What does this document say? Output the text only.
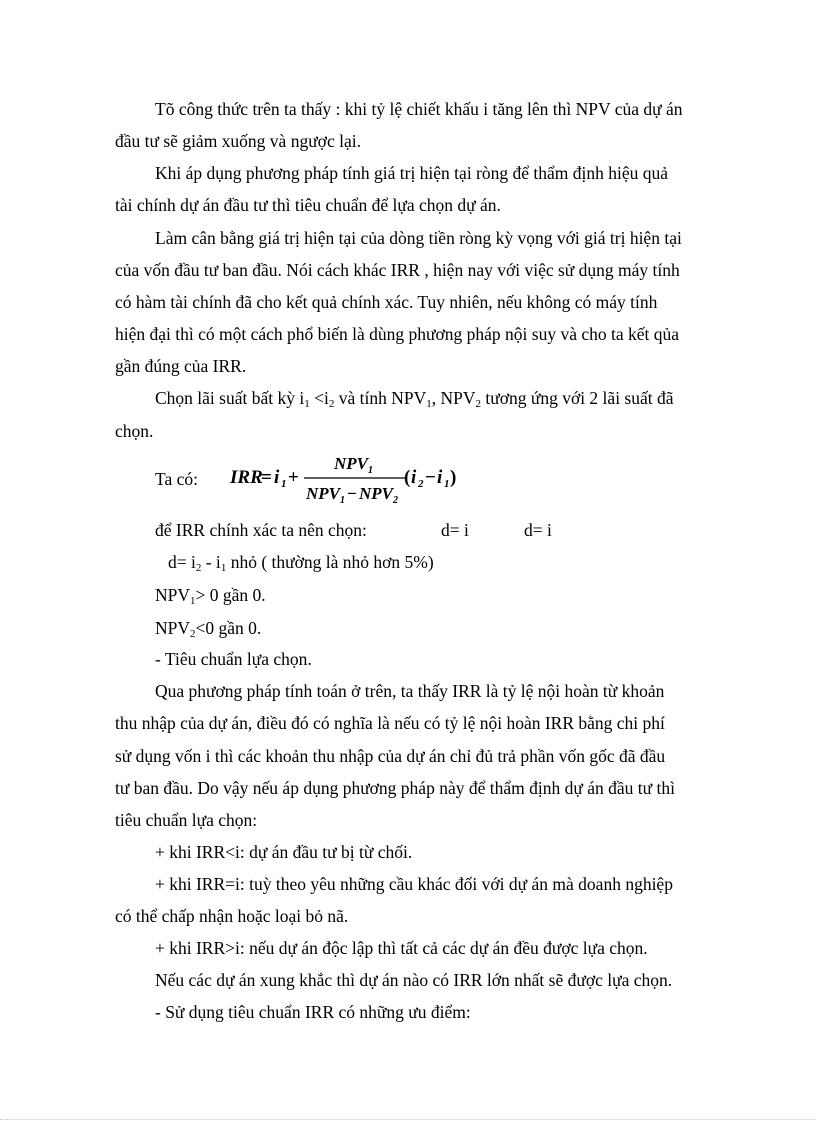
Tõ công thức trên ta thấy : khi tỷ lệ chiết khấu i tăng lên thì NPV của dự án
đầu tư sẽ giảm xuống và ngược lại.
Khi áp dụng phương pháp tính giá trị hiện tại ròng để thẩm định hiệu quả
tài chính dự án đầu tư thì tiêu chuẩn để lựa chọn dự án.
Làm cân bằng giá trị hiện tại của dòng tiền ròng kỳ vọng với giá trị hiện tại
của vốn đầu tư ban đầu. Nói cách khác IRR , hiện nay với việc sử dụng máy tính
có hàm tài chính đã cho kết quả chính xác. Tuy nhiên, nếu không có máy tính
hiện đại thì có một cách phổ biến là dùng phương pháp nội suy và cho ta kết qủa
gần đúng của IRR.
Chọn lãi suất bất kỳ $i_1 <i_2$ và tính $NPV_1$, $NPV_2$ tương ứng với 2 lãi suất đã
chọn.
Ta có: IRR
= i 1 +
NPV 1
NPV 1 − NPV 2
( i 2 − i 1 )
để IRR chính xác ta nên chọn:	d= i	d= i
$d= i_2 - i_1$ nhỏ ( thường là nhỏ hơn 5%)
$NPV_1> 0$ gần 0.
$NPV_2<0$ gần 0.
- Tiêu chuẩn lựa chọn.
Qua phương pháp tính toán ở trên, ta thấy IRR là tỷ lệ nội hoàn từ khoản
thu nhập của dự án, điều đó có nghĩa là nếu có tỷ lệ nội hoàn IRR bằng chi phí
sử dụng vốn i thì các khoản thu nhập của dự án chỉ đủ trả phần vốn gốc đã đầu
tư ban đầu. Do vậy nếu áp dụng phương pháp này để thẩm định dự án đầu tư thì
tiêu chuẩn lựa chọn:
+ khi IRR<i: dự án đầu tư bị từ chối.
+ khi IRR=i: tuỳ theo yêu những cầu khác đối với dự án mà doanh nghiệp
có thể chấp nhận hoặc loại bỏ nã.
+ khi IRR>i: nếu dự án độc lập thì tất cả các dự án đều được lựa chọn.
Nếu các dự án xung khắc thì dự án nào có IRR lớn nhất sẽ được lựa chọn.
- Sử dụng tiêu chuẩn IRR có những ưu điểm:
